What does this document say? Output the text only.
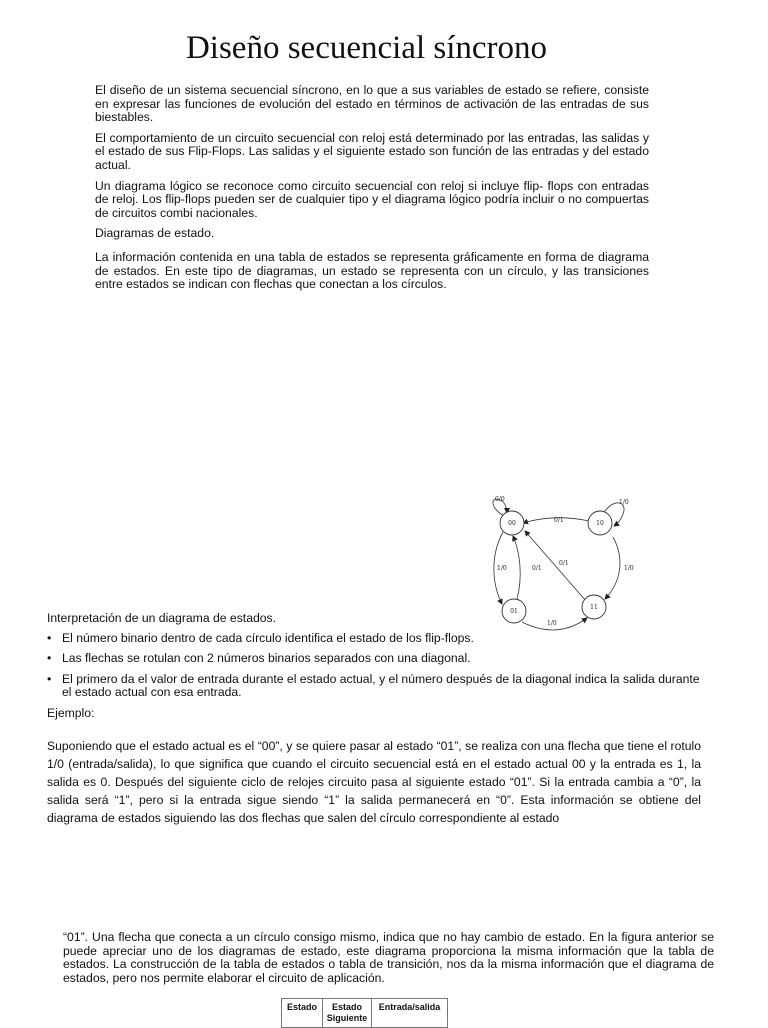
Diseño secuencial síncrono

El diseño de un sistema secuencial síncrono, en lo que a sus variables de estado se refiere, consiste en expresar las funciones de evolución del estado en términos de activación de las entradas de sus biestables.

El comportamiento de un circuito secuencial con reloj está determinado por las entradas, las salidas y el estado de sus Flip-Flops. Las salidas y el siguiente estado son función de las entradas y del estado actual.

Un diagrama lógico se reconoce como circuito secuencial con reloj si incluye flip- flops con entradas de reloj. Los flip-flops pueden ser de cualquier tipo y el diagrama lógico podría incluir o no compuertas de circuitos combi nacionales.

Diagramas de estado.

La información contenida en una tabla de estados se representa gráficamente en forma de diagrama de estados. En este tipo de diagramas, un estado se representa con un círculo, y las transiciones entre estados se indican con flechas que conectan a los círculos.

00	10
01
11
0/0	1/0
0/1
1/0	0/1
0/1
1/0
1/0

Interpretación de un diagrama de estados.

• El número binario dentro de cada círculo identifica el estado de los flip-flops.
• Las flechas se rotulan con 2 números binarios separados con una diagonal.
• El primero da el valor de entrada durante el estado actual, y el número después de la diagonal indica la salida durante el estado actual con esa entrada.

Ejemplo:

Suponiendo que el estado actual es el “00”, y se quiere pasar al estado “01”, se realiza con una flecha que tiene el rotulo 1/0 (entrada/salida), lo que significa que cuando el circuito secuencial está en el estado actual 00 y la entrada es 1, la salida es 0. Después del siguiente ciclo de relojes circuito pasa al siguiente estado “01”. Si la entrada cambia a “0”, la salida será “1”, pero si la entrada sigue siendo “1” la salida permanecerá en “0”. Esta información se obtiene del diagrama de estados siguiendo las dos flechas que salen del círculo correspondiente al estado

“01”. Una flecha que conecta a un círculo consigo mismo, indica que no hay cambio de estado. En la figura anterior se puede apreciar uno de los diagramas de estado, este diagrama proporciona la misma información que la tabla de estados. La construcción de la tabla de estados o tabla de transición, nos da la misma información que el diagrama de estados, pero nos permite elaborar el circuito de aplicación.

Estado	Estado Siguiente	Entrada/salida
